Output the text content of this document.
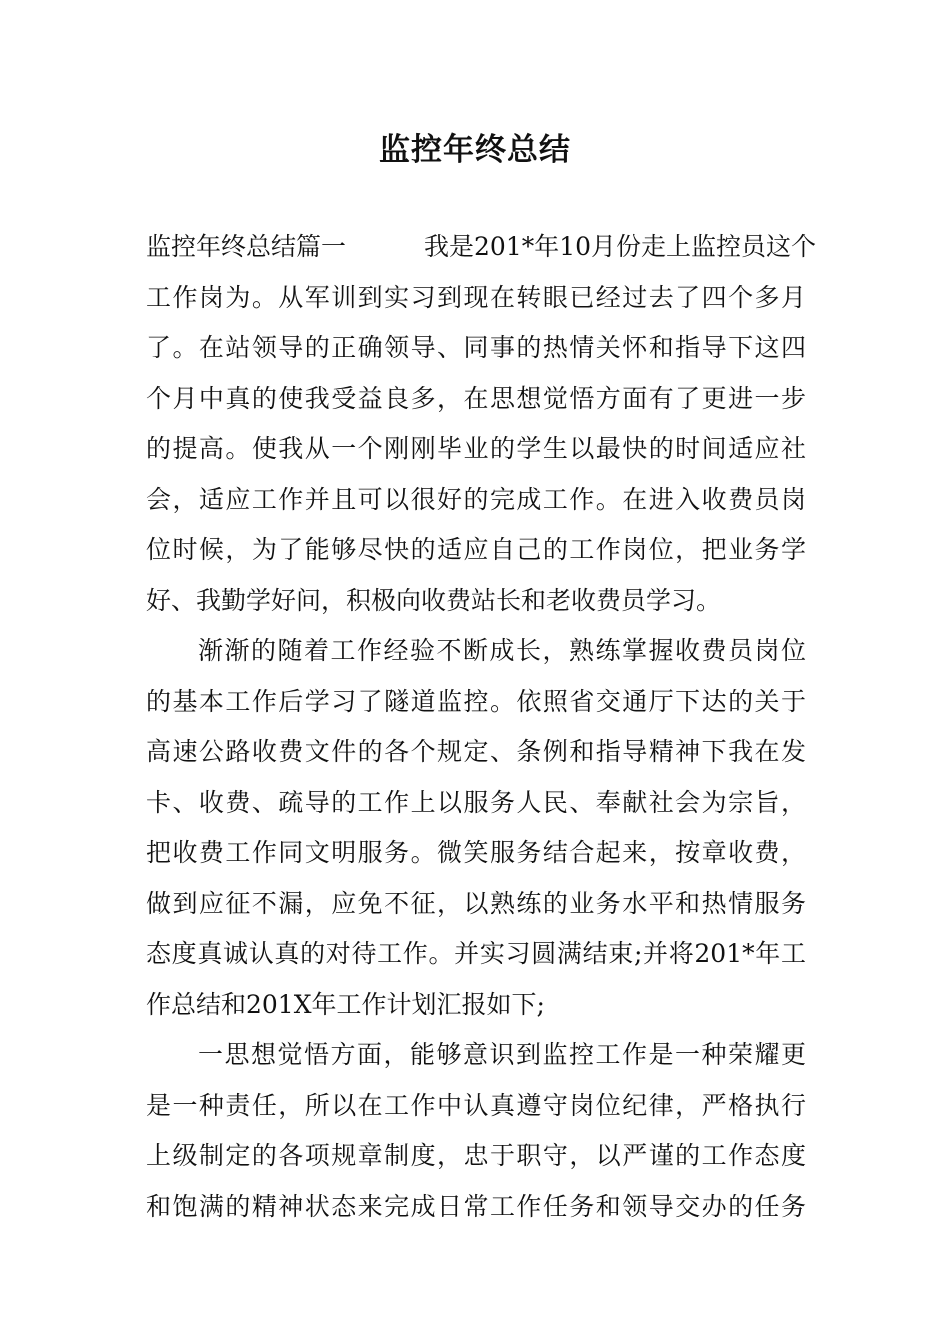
监控年终总结
监控年终总结篇一	我是201*年10月份走上监控员这个
工作岗为。从军训到实习到现在转眼已经过去了四个多月
了。在站领导的正确领导、同事的热情关怀和指导下这四
个月中真的使我受益良多，在思想觉悟方面有了更进一步
的提高。使我从一个刚刚毕业的学生以最快的时间适应社
会，适应工作并且可以很好的完成工作。在进入收费员岗
位时候，为了能够尽快的适应自己的工作岗位，把业务学
好、我勤学好问，积极向收费站长和老收费员学习。
渐渐的随着工作经验不断成长，熟练掌握收费员岗位
的基本工作后学习了隧道监控。依照省交通厅下达的关于
高速公路收费文件的各个规定、条例和指导精神下我在发
卡、收费、疏导的工作上以服务人民、奉献社会为宗旨，
把收费工作同文明服务。微笑服务结合起来，按章收费，
做到应征不漏，应免不征，以熟练的业务水平和热情服务
态度真诚认真的对待工作。并实习圆满结束;并将201*年工
作总结和201X年工作计划汇报如下;
一思想觉悟方面，能够意识到监控工作是一种荣耀更
是一种责任，所以在工作中认真遵守岗位纪律，严格执行
上级制定的各项规章制度，忠于职守，以严谨的工作态度
和饱满的精神状态来完成日常工作任务和领导交办的任务
